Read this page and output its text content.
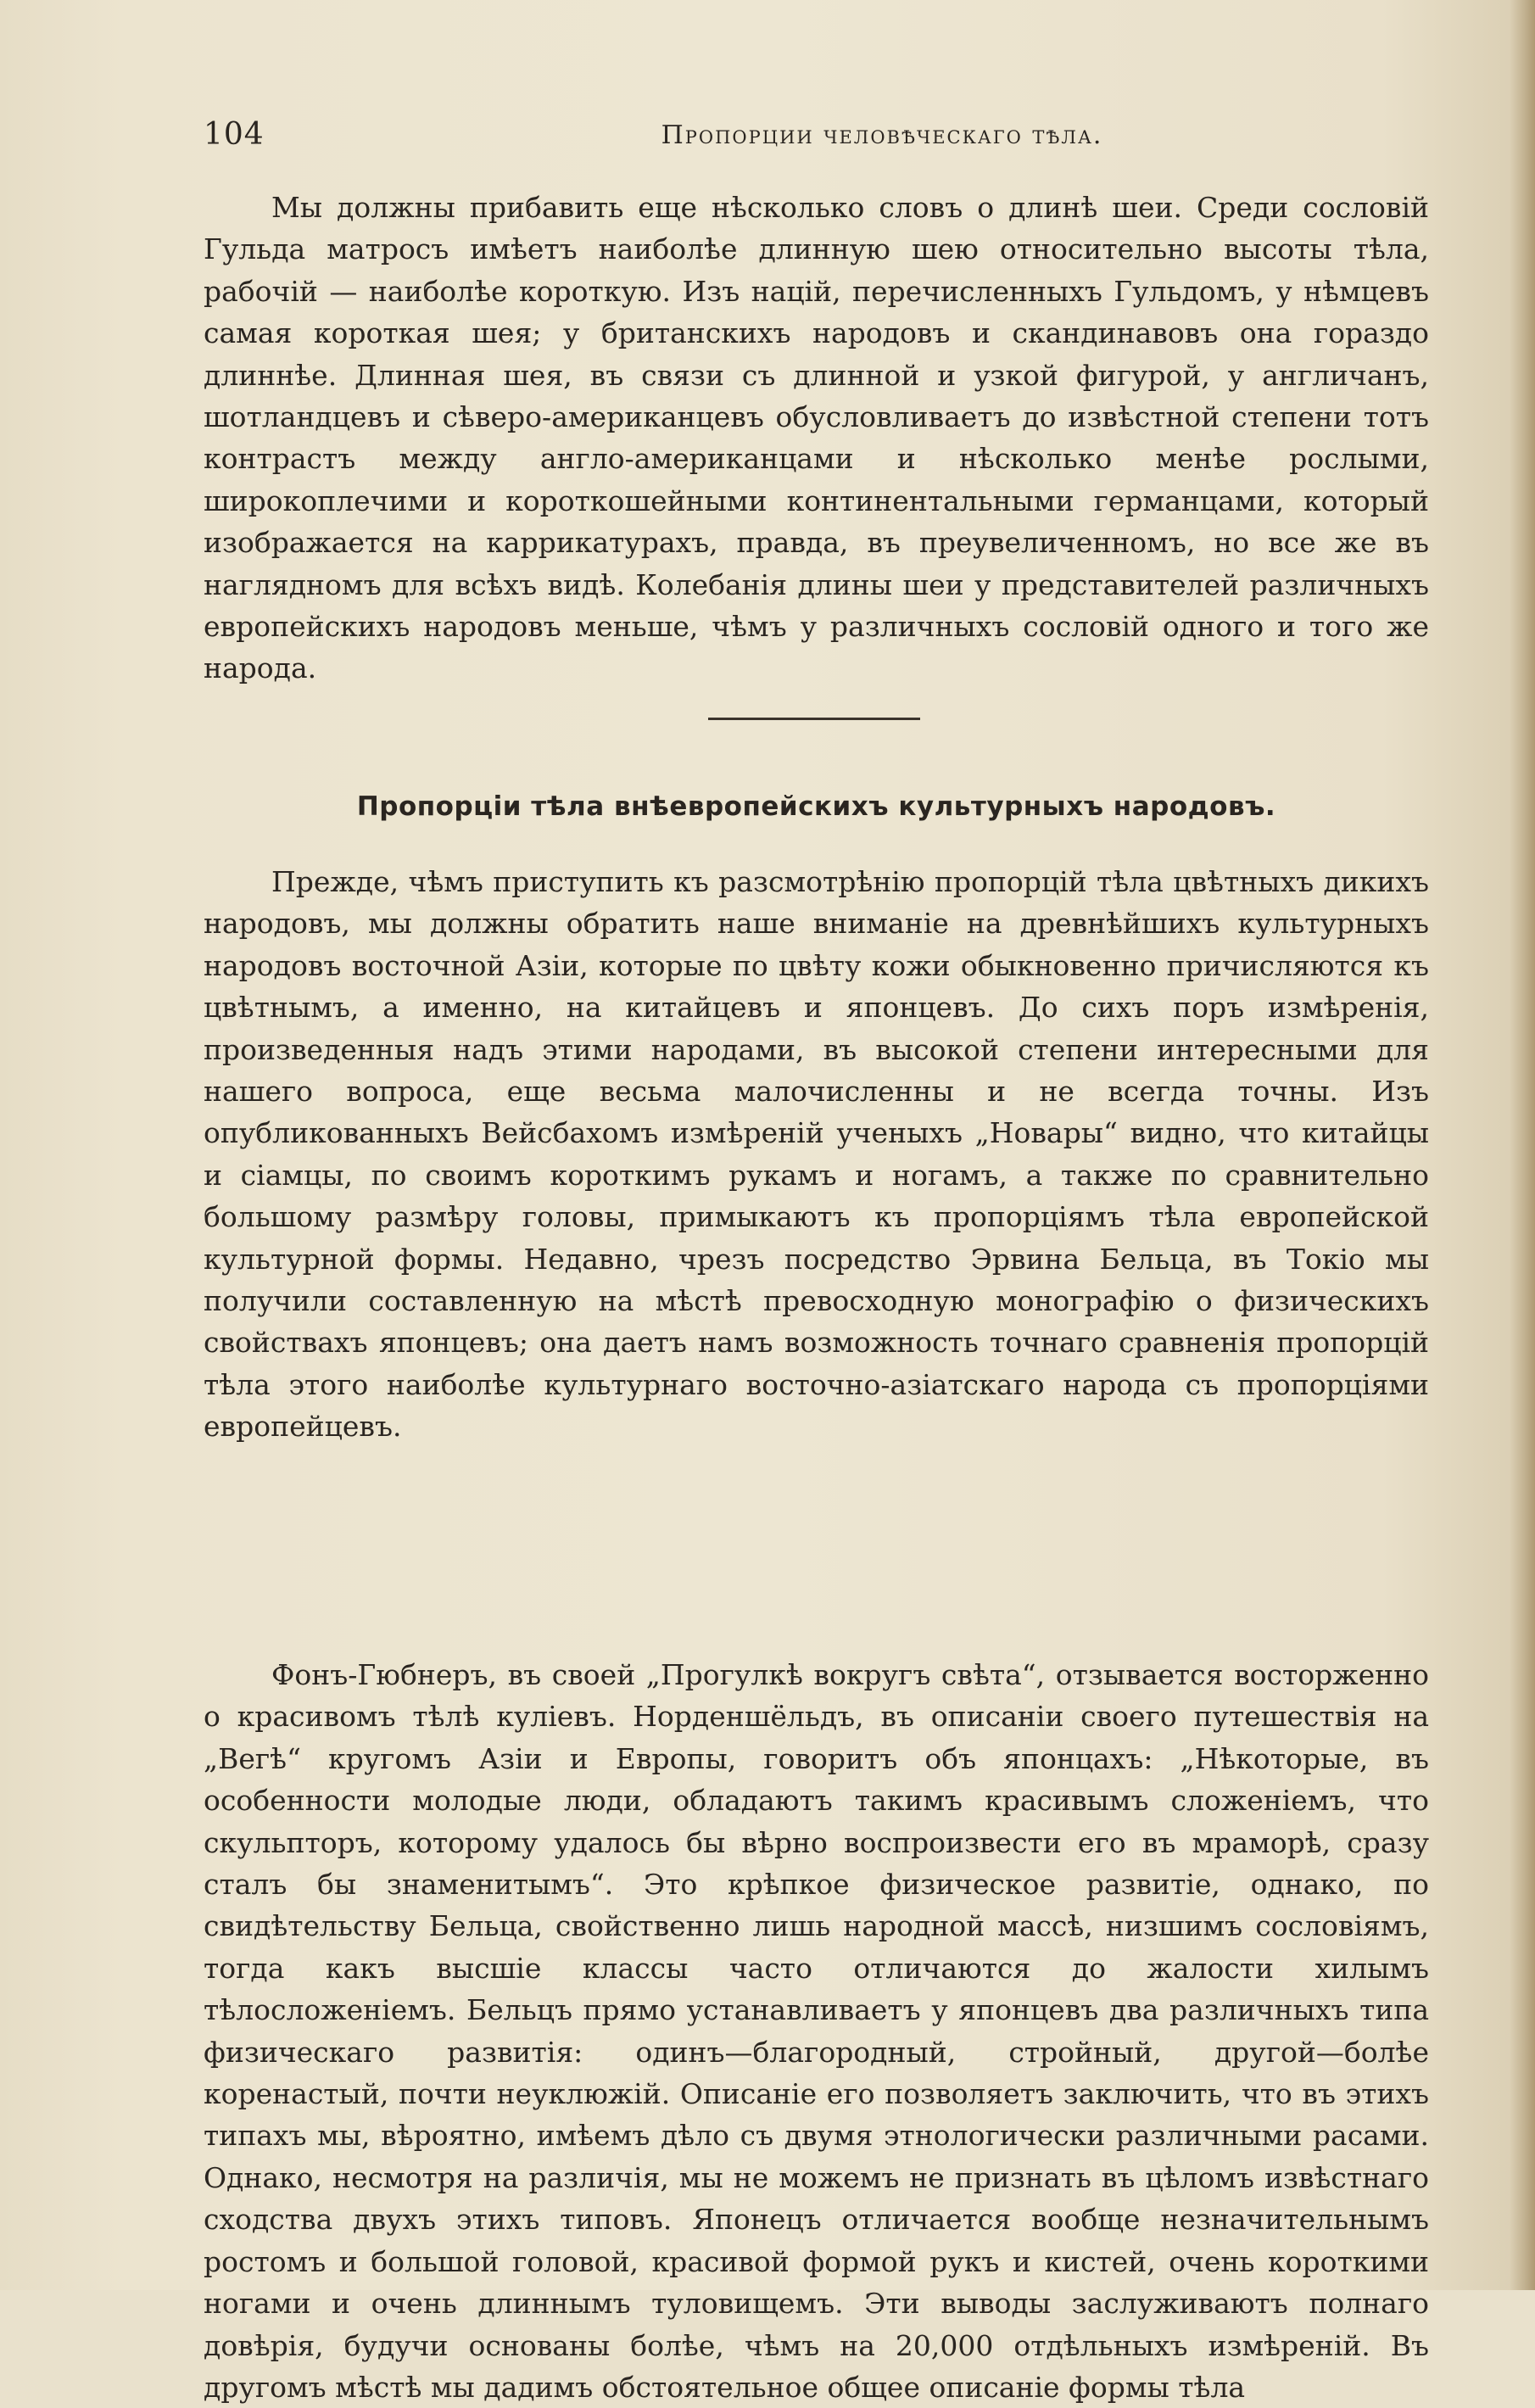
104	Пропорции человѣческаго тѣла.

Мы должны прибавить еще нѣсколько словъ о длинѣ шеи. Среди сословій Гульда матросъ имѣетъ наиболѣе длинную шею относительно высоты тѣла, рабочій — наиболѣе короткую. Изъ націй, перечисленныхъ Гульдомъ, у нѣмцевъ самая короткая шея; у британскихъ народовъ и скандинавовъ она гораздо длиннѣе. Длинная шея, въ связи съ длинной и узкой фигурой, у англичанъ, шотландцевъ и сѣверо-американцевъ обусловливаетъ до извѣстной степени тотъ контрастъ между англо-американцами и нѣсколько менѣе рослыми, широкоплечими и короткошейными континентальными германцами, который изображается на каррикатурахъ, правда, въ преувеличенномъ, но все же въ наглядномъ для всѣхъ видѣ. Колебанія длины шеи у представителей различныхъ европейскихъ народовъ меньше, чѣмъ у различныхъ сословій одного и того же народа.

Пропорціи тѣла внѣевропейскихъ культурныхъ народовъ.

Прежде, чѣмъ приступить къ разсмотрѣнію пропорцій тѣла цвѣтныхъ дикихъ народовъ, мы должны обратить наше вниманіе на древнѣйшихъ культурныхъ народовъ восточной Азіи, которые по цвѣту кожи обыкновенно причисляются къ цвѣтнымъ, а именно, на китайцевъ и японцевъ. До сихъ поръ измѣренія, произведенныя надъ этими народами, въ высокой степени интересными для нашего вопроса, еще весьма малочисленны и не всегда точны. Изъ опубликованныхъ Вейсбахомъ измѣреній ученыхъ „Новары“ видно, что китайцы и сіамцы, по своимъ короткимъ рукамъ и ногамъ, а также по сравнительно большому размѣру головы, примыкаютъ къ пропорціямъ тѣла европейской культурной формы. Недавно, чрезъ посредство Эрвина Бельца, въ Токіо мы получили составленную на мѣстѣ превосходную монографію о физическихъ свойствахъ японцевъ; она даетъ намъ возможность точнаго сравненія пропорцій тѣла этого наиболѣе культурнаго восточно-азіатскаго народа съ пропорціями европейцевъ.

Фонъ-Гюбнеръ, въ своей „Прогулкѣ вокругъ свѣта“, отзывается восторженно о красивомъ тѣлѣ куліевъ. Норденшёльдъ, въ описаніи своего путешествія на „Вегѣ“ кругомъ Азіи и Европы, говоритъ объ японцахъ: „Нѣкоторые, въ особенности молодые люди, обладаютъ такимъ красивымъ сложеніемъ, что скульпторъ, которому удалось бы вѣрно воспроизвести его въ мраморѣ, сразу сталъ бы знаменитымъ“. Это крѣпкое физическое развитіе, однако, по свидѣтельству Бельца, свойственно лишь народной массѣ, низшимъ сословіямъ, тогда какъ высшіе классы часто отличаются до жалости хилымъ тѣлосложеніемъ. Бельцъ прямо устанавливаетъ у японцевъ два различныхъ типа физическаго развитія: одинъ—благородный, стройный, другой—болѣе коренастый, почти неуклюжій. Описаніе его позволяетъ заключить, что въ этихъ типахъ мы, вѣроятно, имѣемъ дѣло съ двумя этнологически различными расами. Однако, несмотря на различія, мы не можемъ не признать въ цѣломъ извѣстнаго сходства двухъ этихъ типовъ. Японецъ отличается вообще незначительнымъ ростомъ и большой головой, красивой формой рукъ и кистей, очень короткими ногами и очень длиннымъ туловищемъ. Эти выводы заслуживаютъ полнаго довѣрія, будучи основаны болѣе, чѣмъ на 20,000 отдѣльныхъ измѣреній. Въ другомъ мѣстѣ мы дадимъ обстоятельное общее описаніе формы тѣла
